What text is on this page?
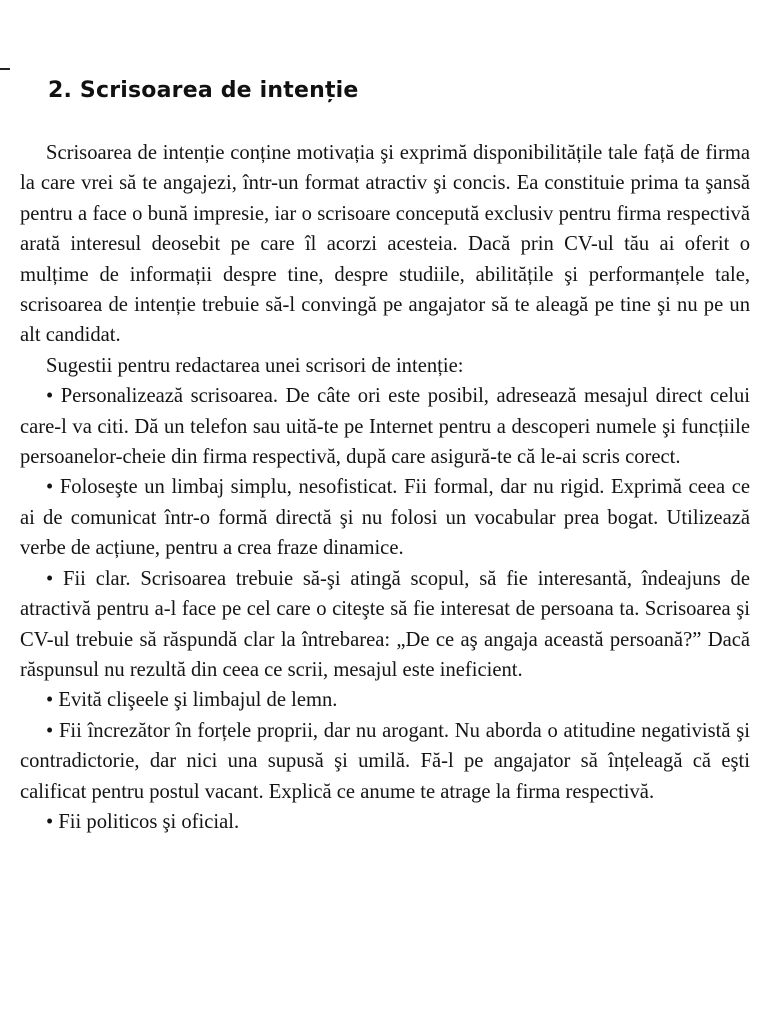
2. Scrisoarea de intenție

Scrisoarea de intenție conține motivația şi exprimă disponibilitățile tale față de firma la care vrei să te angajezi, într-un format atractiv şi concis. Ea constituie prima ta şansă pentru a face o bună impresie, iar o scrisoare concepută exclusiv pentru firma respectivă arată interesul deosebit pe care îl acorzi acesteia. Dacă prin CV-ul tău ai oferit o mulțime de informații despre tine, despre studiile, abilitățile şi performanțele tale, scrisoarea de intenție trebuie să-l convingă pe angajator să te aleagă pe tine şi nu pe un alt candidat.

Sugestii pentru redactarea unei scrisori de intenție:

• Personalizează scrisoarea. De câte ori este posibil, adresează mesajul direct celui care-l va citi. Dă un telefon sau uită-te pe Internet pentru a descoperi numele şi funcțiile persoanelor-cheie din firma respectivă, după care asigură-te că le-ai scris corect.

• Foloseşte un limbaj simplu, nesofisticat. Fii formal, dar nu rigid. Exprimă ceea ce ai de comunicat într-o formă directă şi nu folosi un vocabular prea bogat. Utilizează verbe de acțiune, pentru a crea fraze dinamice.

• Fii clar. Scrisoarea trebuie să-şi atingă scopul, să fie interesantă, îndeajuns de atractivă pentru a-l face pe cel care o citeşte să fie interesat de persoana ta. Scrisoarea şi CV-ul trebuie să răspundă clar la întrebarea: „De ce aş angaja această persoană?” Dacă răspunsul nu rezultă din ceea ce scrii, mesajul este ineficient.

• Evită clişeele şi limbajul de lemn.

• Fii încrezător în forțele proprii, dar nu arogant. Nu aborda o atitudine negativistă şi contradictorie, dar nici una supusă şi umilă. Fă-l pe angajator să înțeleagă că eşti calificat pentru postul vacant. Explică ce anume te atrage la firma respectivă.

• Fii politicos şi oficial.
